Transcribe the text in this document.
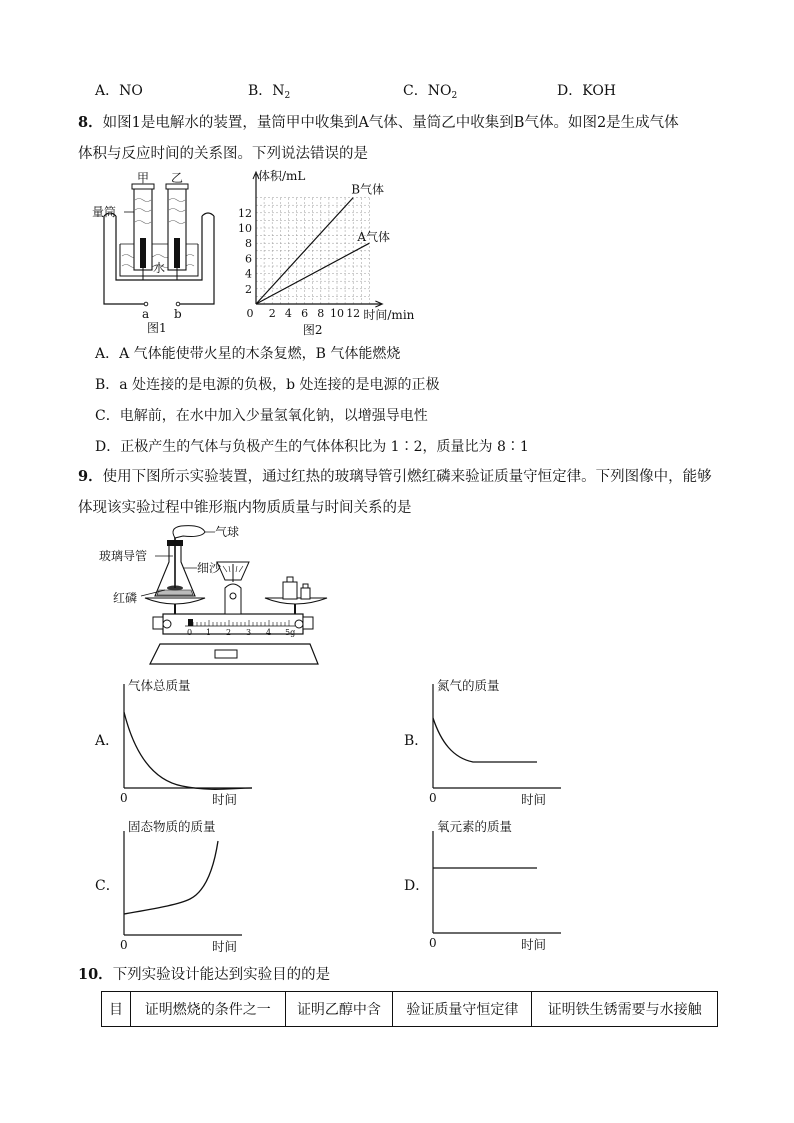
A．NO	B．$N_2$	C．$NO_2$	D．KOH
8．如图1是电解水的装置，量筒甲中收集到A气体、量筒乙中收集到B气体。如图2是生成气体
体积与反应时间的关系图。下列说法错误的是
甲 乙
量筒
水
a b
图1
2 4 6 8 10 12
2
4
6
8
10
12
0
体积/mL
时间/min
B气体
A气体
图2
A．A 气体能使带火星的木条复燃，B 气体能燃烧
B．a 处连接的是电源的负极，b 处连接的是电源的正极
C．电解前，在水中加入少量氢氧化钠，以增强导电性
D．正极产生的气体与负极产生的气体体积比为 1∶2，质量比为 8∶1
9．使用下图所示实验装置，通过红热的玻璃导管引燃红磷来验证质量守恒定律。下列图像中，能够
体现该实验过程中锥形瓶内物质质量与时间关系的是
0 1 2 3 4 5g
气球
玻璃导管
细沙
红磷
A．	B．
C．	D．
气体总质量
0	时间
氮气的质量
0	时间
固态物质的质量
0	时间
氧元素的质量
0	时间
10．下列实验设计能达到实验目的的是
目	证明燃烧的条件之一	证明乙醇中含	验证质量守恒定律	证明铁生锈需要与水接触
